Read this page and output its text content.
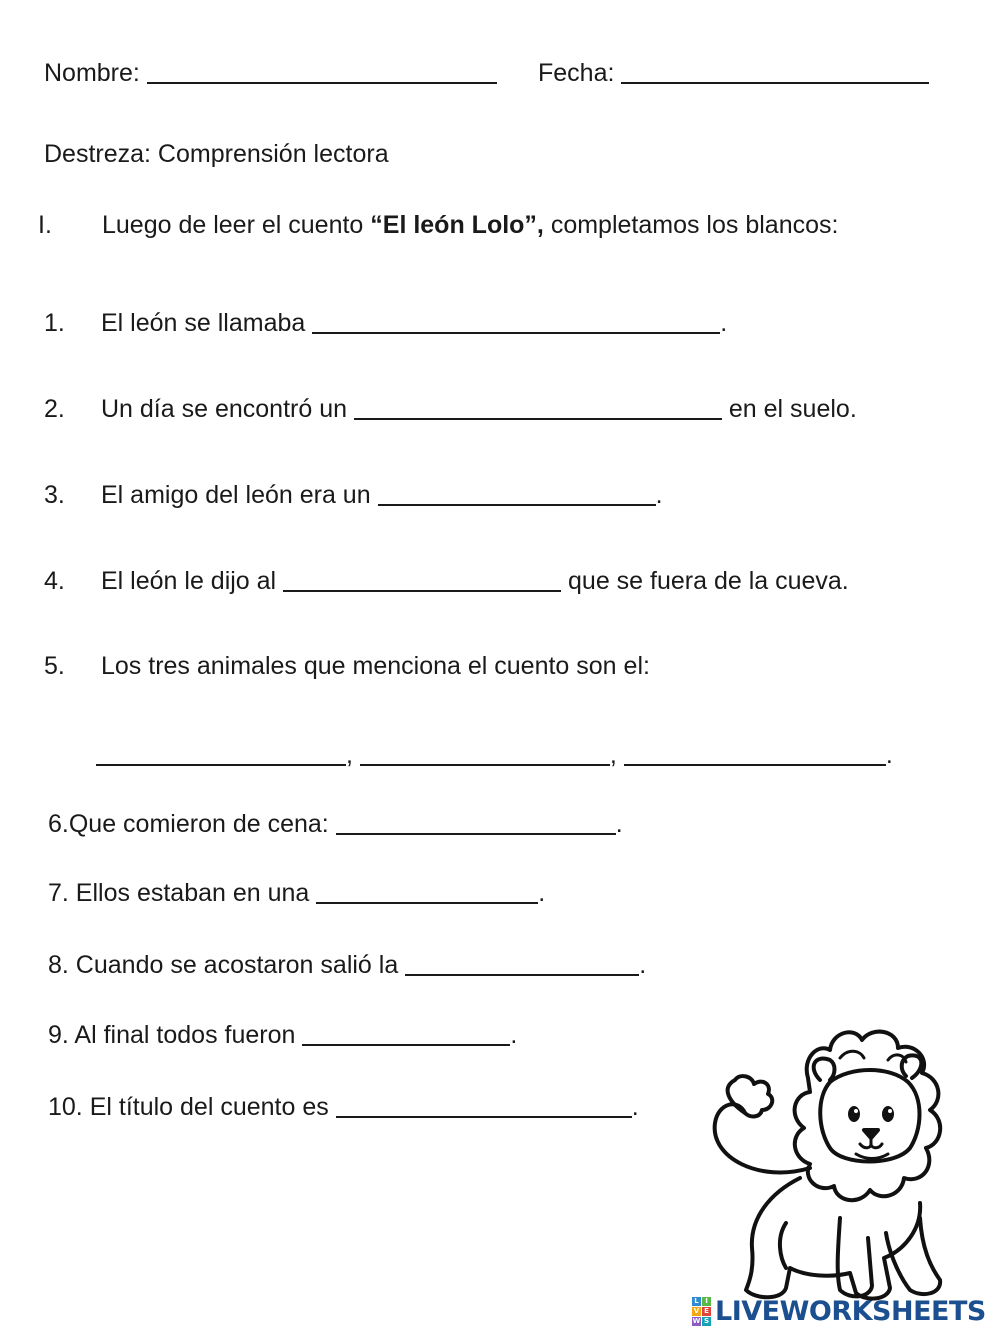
Nombre:	Fecha:
Destreza: Comprensión lectora
I. Luego de leer el cuento “El león Lolo”, completamos los blancos:
1. El león se llamaba	.
2. Un día se encontró un	en el suelo.
3. El amigo del león era un	.
4. El león le dijo al	que se fuera de la cueva.
5. Los tres animales que menciona el cuento son el:
,	,	.
6.Que comieron de cena:	.
7. Ellos estaban en una	.
8. Cuando se acostaron salió la	.
9. Al final todos fueron	.
10. El título del cuento es	.
L I
V E
W S LIVEWORKSHEETS
